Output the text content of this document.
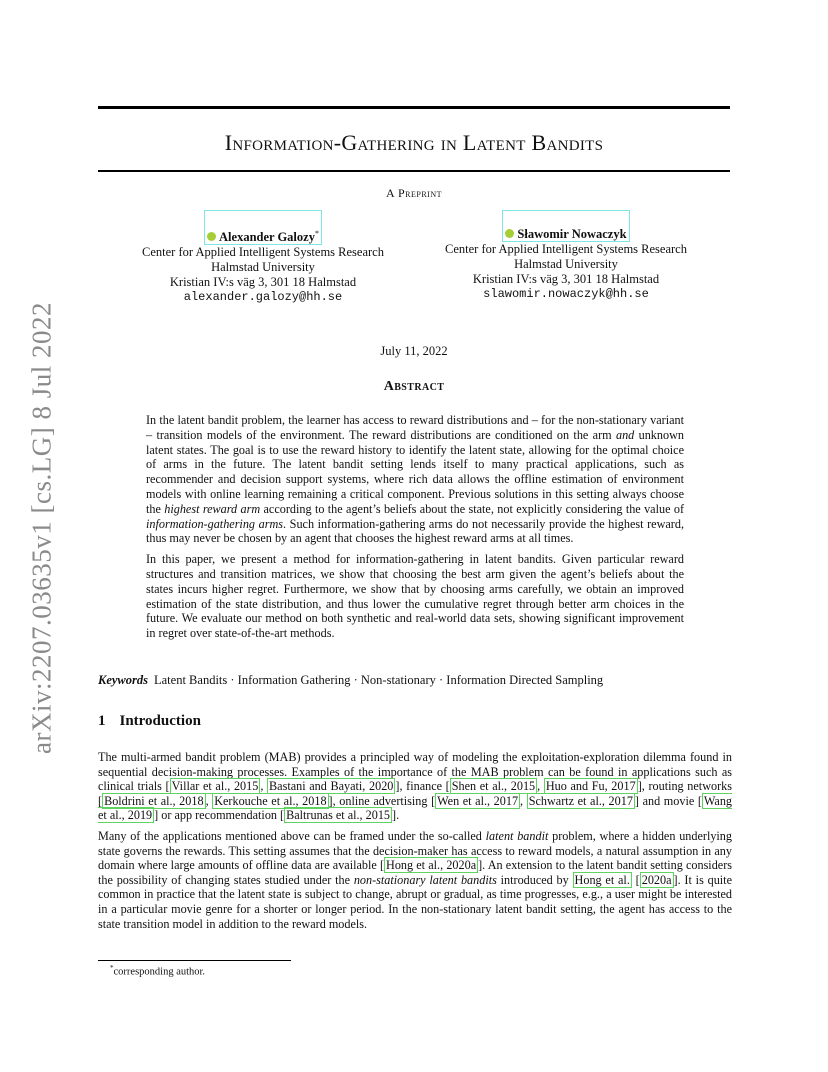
arXiv:2207.03635v1 [cs.LG] 8 Jul 2022
Information-Gathering in Latent Bandits
A Preprint
Alexander Galozy*
Center for Applied Intelligent Systems Research
Halmstad University
Kristian IV:s väg 3, 301 18 Halmstad
alexander.galozy@hh.se
Sławomir Nowaczyk
Center for Applied Intelligent Systems Research
Halmstad University
Kristian IV:s väg 3, 301 18 Halmstad
slawomir.nowaczyk@hh.se
July 11, 2022
Abstract

In the latent bandit problem, the learner has access to reward distributions and – for the non-stationary variant – transition models of the environment. The reward distributions are conditioned on the arm and unknown latent states. The goal is to use the reward history to identify the latent state, allowing for the optimal choice of arms in the future. The latent bandit setting lends itself to many practical applications, such as recommender and decision support systems, where rich data allows the offline estimation of environment models with online learning remaining a critical component. Previous solutions in this setting always choose the highest reward arm according to the agent’s beliefs about the state, not explicitly considering the value of information-gathering arms. Such information-gathering arms do not necessarily provide the highest reward, thus may never be chosen by an agent that chooses the highest reward arms at all times.

In this paper, we present a method for information-gathering in latent bandits. Given particular reward structures and transition matrices, we show that choosing the best arm given the agent’s beliefs about the states incurs higher regret. Furthermore, we show that by choosing arms carefully, we obtain an improved estimation of the state distribution, and thus lower the cumulative regret through better arm choices in the future. We evaluate our method on both synthetic and real-world data sets, showing significant improvement in regret over state-of-the-art methods.

Keywords Latent Bandits · Information Gathering · Non-stationary · Information Directed Sampling
1 Introduction

The multi-armed bandit problem (MAB) provides a principled way of modeling the exploitation-exploration dilemma found in sequential decision-making processes. Examples of the importance of the MAB problem can be found in applications such as clinical trials [ Villar et al., 2015 , Bastani and Bayati, 2020 ], finance [ Shen et al., 2015 , Huo and Fu, 2017 ], routing networks [ Boldrini et al., 2018 , Kerkouche et al., 2018 ], online advertising [ Wen et al., 2017 , Schwartz et al., 2017 ] and movie [ Wang et al., 2019 ] or app recommendation [ Baltrunas et al., 2015 ].

Many of the applications mentioned above can be framed under the so-called latent bandit problem, where a hidden underlying state governs the rewards. This setting assumes that the decision-maker has access to reward models, a natural assumption in any domain where large amounts of offline data are available [ Hong et al., 2020a ]. An extension to the latent bandit setting considers the possibility of changing states studied under the non-stationary latent bandits introduced by Hong et al. [ 2020a ]. It is quite common in practice that the latent state is subject to change, abrupt or gradual, as time progresses, e.g., a user might be interested in a particular movie genre for a shorter or longer period. In the non-stationary latent bandit setting, the agent has access to the state transition model in addition to the reward models.

*corresponding author.
